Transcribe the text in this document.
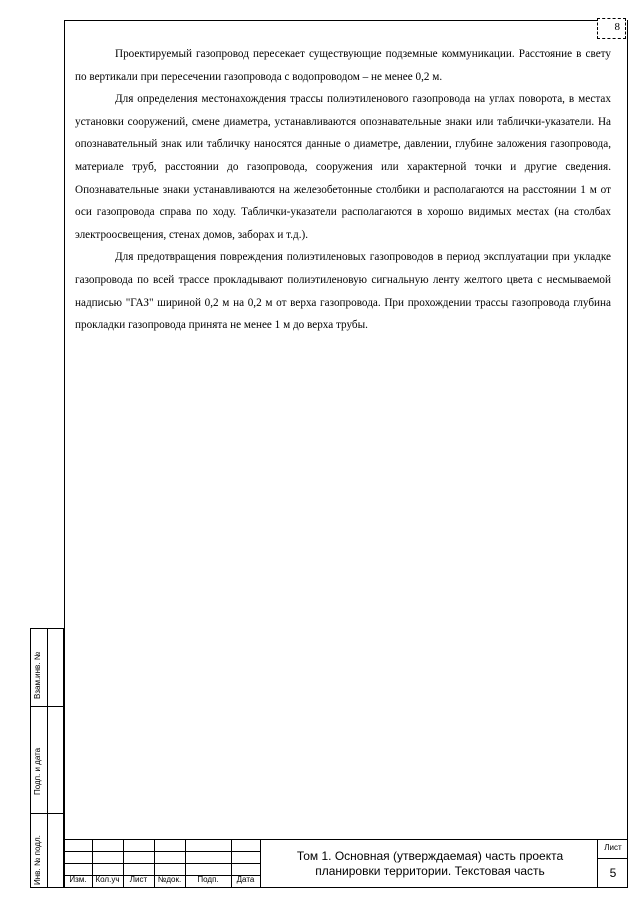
8

Проектируемый газопровод пересекает существующие подземные коммуникации. Расстояние в свету по вертикали при пересечении газопровода с водопроводом – не менее 0,2 м.

Для определения местонахождения трассы полиэтиленового газопровода на углах поворота, в местах установки сооружений, смене диаметра, устанавливаются опознавательные знаки или таблички-указатели. На опознавательный знак или табличку наносятся данные о диаметре, давлении, глубине заложения газопровода, материале труб, расстоянии до газопровода, сооружения или характерной точки и другие сведения. Опознавательные знаки устанавливаются на железобетонные столбики и располагаются на расстоянии 1 м от оси газопровода справа по ходу. Таблички-указатели располагаются в хорошо видимых местах (на столбах электроосвещения, стенах домов, заборах и т.д.).

Для предотвращения повреждения полиэтиленовых газопроводов в период эксплуатации при укладке газопровода по всей трассе прокладывают полиэтиленовую сигнальную ленту желтого цвета с несмываемой надписью "ГАЗ" шириной 0,2 м на 0,2 м от верха газопровода. При прохождении трассы газопровода глубина прокладки газопровода принята не менее 1 м до верха трубы.

Взам.инв. №
Подп. и дата
Инв. № подл.	Изм.	Кол.уч	Лист	№док.	Подп.	Дата
Том 1. Основная (утверждаемая) часть проекта планировки территории. Текстовая часть
Лист
5
